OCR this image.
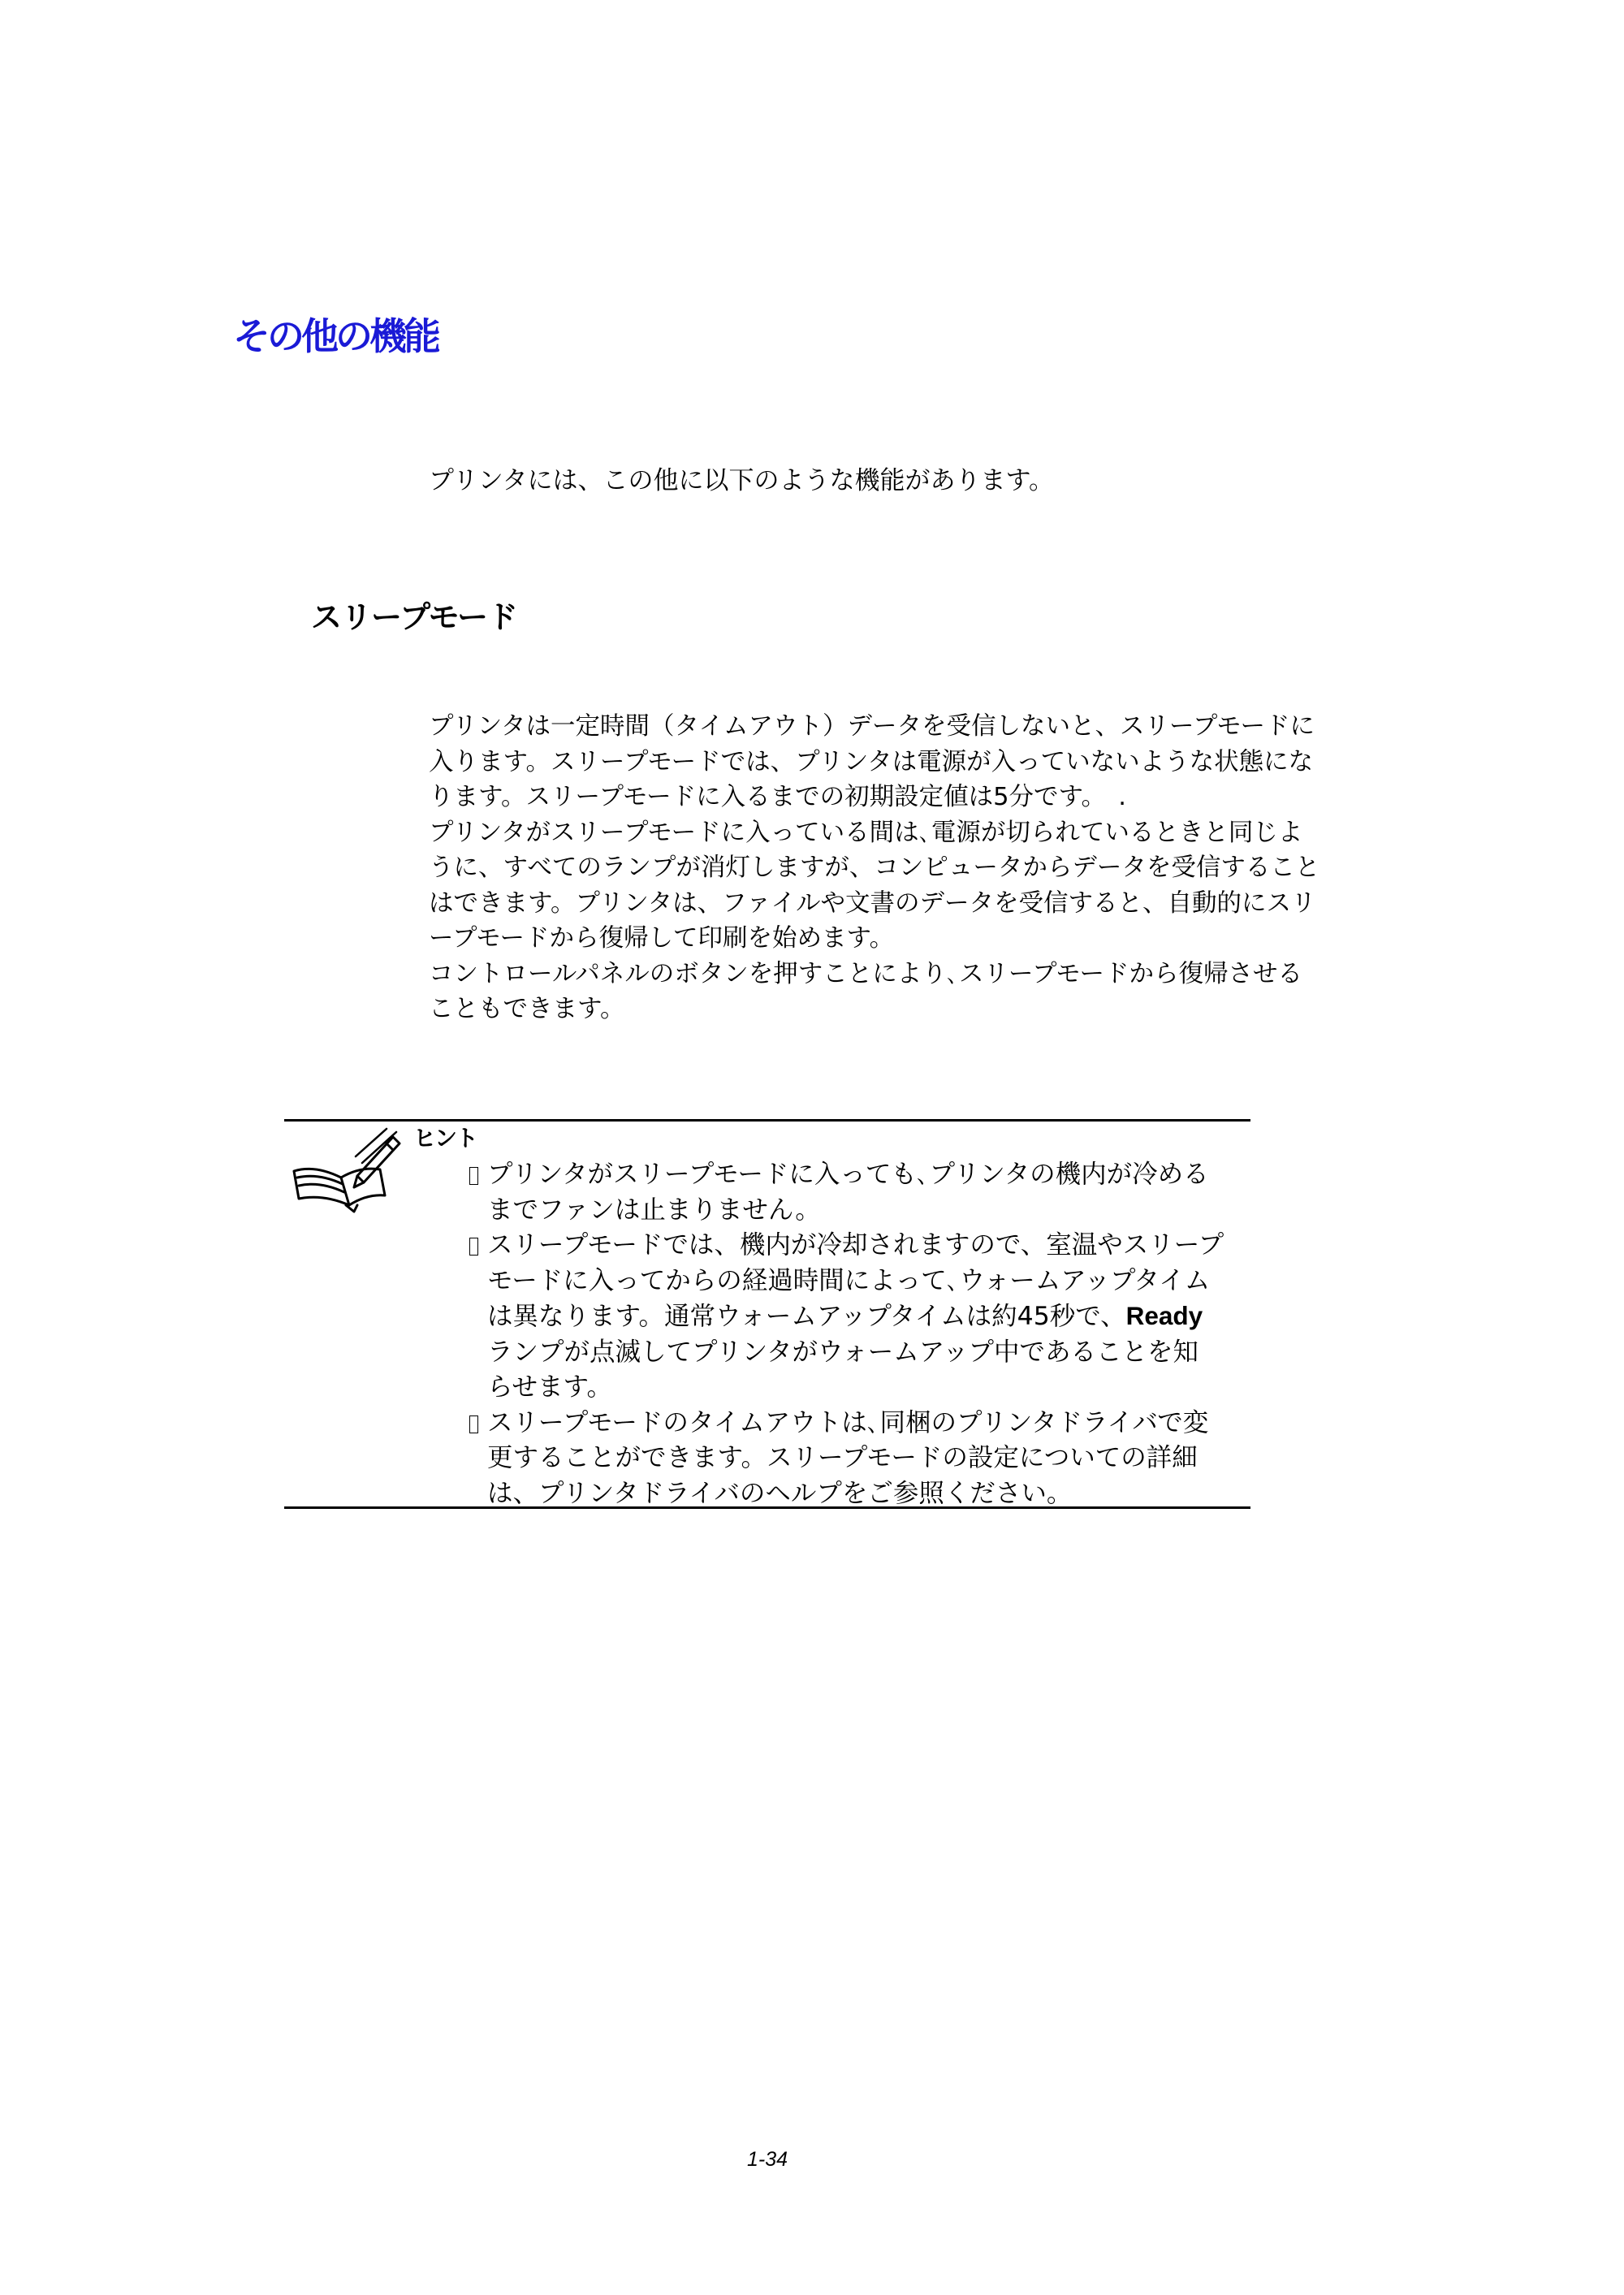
その他の機能

プリンタには、この他に以下のような機能があります。

スリープモード
プリンタは一定時間（タイムアウト）データを受信しないと、スリープモードに
入ります。スリープモードでは、プリンタは電源が入っていないような状態にな
ります。スリープモードに入るまでの初期設定値は5分です。　.
プリンタがスリープモードに入っている間は､電源が切られているときと同じよ
うに、すべてのランプが消灯しますが、コンピュータからデータを受信すること
はできます。プリンタは、ファイルや文書のデータを受信すると、自動的にスリ
ープモードから復帰して印刷を始めます。
コントロールパネルのボタンを押すことにより､スリープモードから復帰させる
こともできます。

ヒント

プリンタがスリープモードに入っても､プリンタの機内が冷める
までファンは止まりません。
スリープモードでは、機内が冷却されますので、室温やスリープ
モードに入ってからの経過時間によって､ウォームアップタイム
は異なります。通常ウォームアップタイムは約45秒で、Ready
ランプが点滅してプリンタがウォームアップ中であることを知
らせます。
スリープモードのタイムアウトは､同梱のプリンタドライバで変
更することができます。スリープモードの設定についての詳細
は、プリンタドライバのヘルプをご参照ください。

1-34
